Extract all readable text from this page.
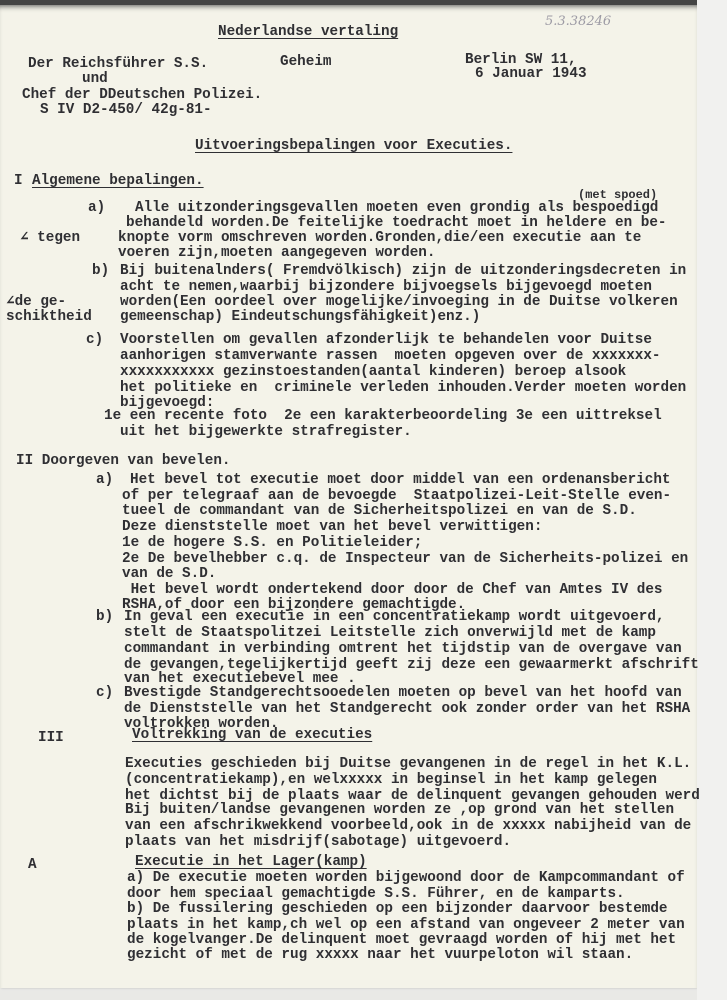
5.3.38246
Nederlandse vertaling
Der Reichsführer S.S.
und
Chef der DDeutschen Polizei.
S IV D2-450/ 42g-81-
Geheim	Berlin SW 11,
6 Januar 1943
Uitvoeringsbepalingen voor Executies.
I Algemene bepalingen.
(met spoed)
a) Alle uitzonderingsgevallen moeten even grondig als bespoedigd
behandeld worden.De feitelijke toedracht moet in heldere en be-
knopte vorm omschreven worden.Gronden,die/een executie aan te
voeren zijn,moeten aangegeven worden.
∠ tegen
b) Bij buitenalnders( Fremdvölkisch) zijn de uitzonderingsdecreten in
acht te nemen,waarbij bijzondere bijvoegsels bijgevoegd moeten
worden(Een oordeel over mogelijke/invoeging in de Duitse volkeren
gemeenschap) Eindeutschungsfähigkeit)enz.)
∠de ge-
schiktheid
c) Voorstellen om gevallen afzonderlijk te behandelen voor Duitse
aanhorigen stamverwante rassen  moeten opgeven over de xxxxxxx-
xxxxxxxxxxx gezinstoestanden(aantal kinderen) beroep alsook
het politieke en  criminele verleden inhouden.Verder moeten worden
bijgevoegd:
1e een recente foto  2e een karakterbeoordeling 3e een uittreksel
uit het bijgewerkte strafregister.
II Doorgeven van bevelen.
a) Het bevel tot executie moet door middel van een ordenansbericht
of per telegraaf aan de bevoegde  Staatpolizei-Leit-Stelle even-
tueel de commandant van de Sicherheitspolizei en van de S.D.
Deze dienststelle moet van het bevel verwittigen:
1e de hogere S.S. en Politieleider;
2e De bevelhebber c.q. de Inspecteur van de Sicherheits-polizei en
van de S.D.
Het bevel wordt ondertekend door door de Chef van Amtes IV des
RSHA,of door een bijzondere gemachtigde.
b) In geval een executie in een concentratiekamp wordt uitgevoerd,
stelt de Staatspolitzei Leitstelle zich onverwijld met de kamp
commandant in verbinding omtrent het tijdstip van de overgave van
de gevangen,tegelijkertijd geeft zij deze een gewaarmerkt afschrift
van het executiebevel mee .
c) Bvestigde Standgerechtsooedelen moeten op bevel van het hoofd van
de Dienststelle van het Standgerecht ook zonder order van het RSHA
voltrokken worden.
III	Voltrekking van de executies
Executies geschieden bij Duitse gevangenen in de regel in het K.L.
(concentratiekamp),en welxxxxx in beginsel in het kamp gelegen
het dichtst bij de plaats waar de delinquent gevangen gehouden werd
Bij buiten/landse gevangenen worden ze ,op grond van het stellen
van een afschrikwekkend voorbeeld,ook in de xxxxx nabijheid van de
plaats van het misdrijf(sabotage) uitgevoerd.
A	Executie in het Lager(kamp)
a) De executie moeten worden bijgewoond door de Kampcommandant of
door hem speciaal gemachtigde S.S. Führer, en de kamparts.
b) De fussilering geschieden op een bijzonder daarvoor bestemde
plaats in het kamp,ch wel op een afstand van ongeveer 2 meter van
de kogelvanger.De delinquent moet gevraagd worden of hij met het
gezicht of met de rug xxxxx naar het vuurpeloton wil staan.
